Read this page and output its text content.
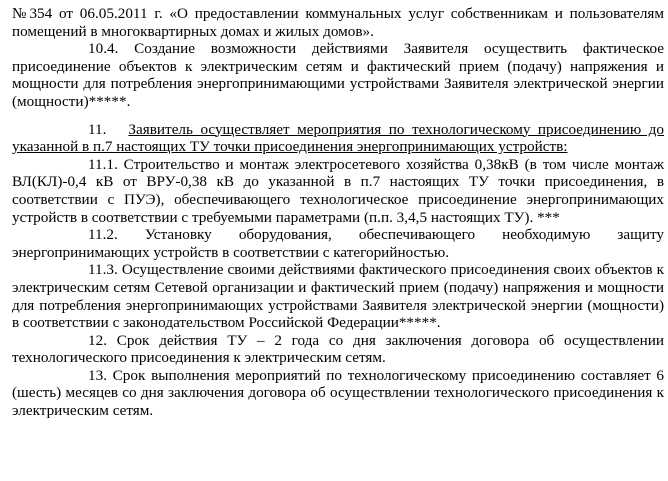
№354 от 06.05.2011 г. «О предоставлении коммунальных услуг собственникам и пользователям помещений в многоквартирных домах и жилых домов».

10.4. Создание возможности действиями Заявителя осуществить фактическое присоединение объектов к электрическим сетям и фактический прием (подачу) напряжения и мощности для потребления энергопринимающими устройствами Заявителя электрической энергии (мощности)*****.

11. Заявитель осуществляет мероприятия по технологическому присоединению до указанной в п.7 настоящих ТУ точки присоединения энергопринимающих устройств:

11.1. Строительство и монтаж электросетевого хозяйства 0,38кВ (в том числе монтаж ВЛ(КЛ)-0,4 кВ от ВРУ-0,38 кВ до указанной в п.7 настоящих ТУ точки присоединения, в соответствии с ПУЭ), обеспечивающего технологическое присоединение энергопринимающих устройств в соответствии с требуемыми параметрами (п.п. 3,4,5 настоящих ТУ). ***

11.2. Установку оборудования, обеспечивающего необходимую защиту энергопринимающих устройств в соответствии с категорийностью.

11.3. Осуществление своими действиями фактического присоединения своих объектов к электрическим сетям Сетевой организации и фактический прием (подачу) напряжения и мощности для потребления энергопринимающих устройствами Заявителя электрической энергии (мощности) в соответствии с законодательством Российской Федерации*****.

12. Срок действия ТУ – 2 года со дня заключения договора об осуществлении технологического присоединения к электрическим сетям.

13. Срок выполнения мероприятий по технологическому присоединению составляет 6 (шесть) месяцев со дня заключения договора об осуществлении технологического присоединения к электрическим сетям.
